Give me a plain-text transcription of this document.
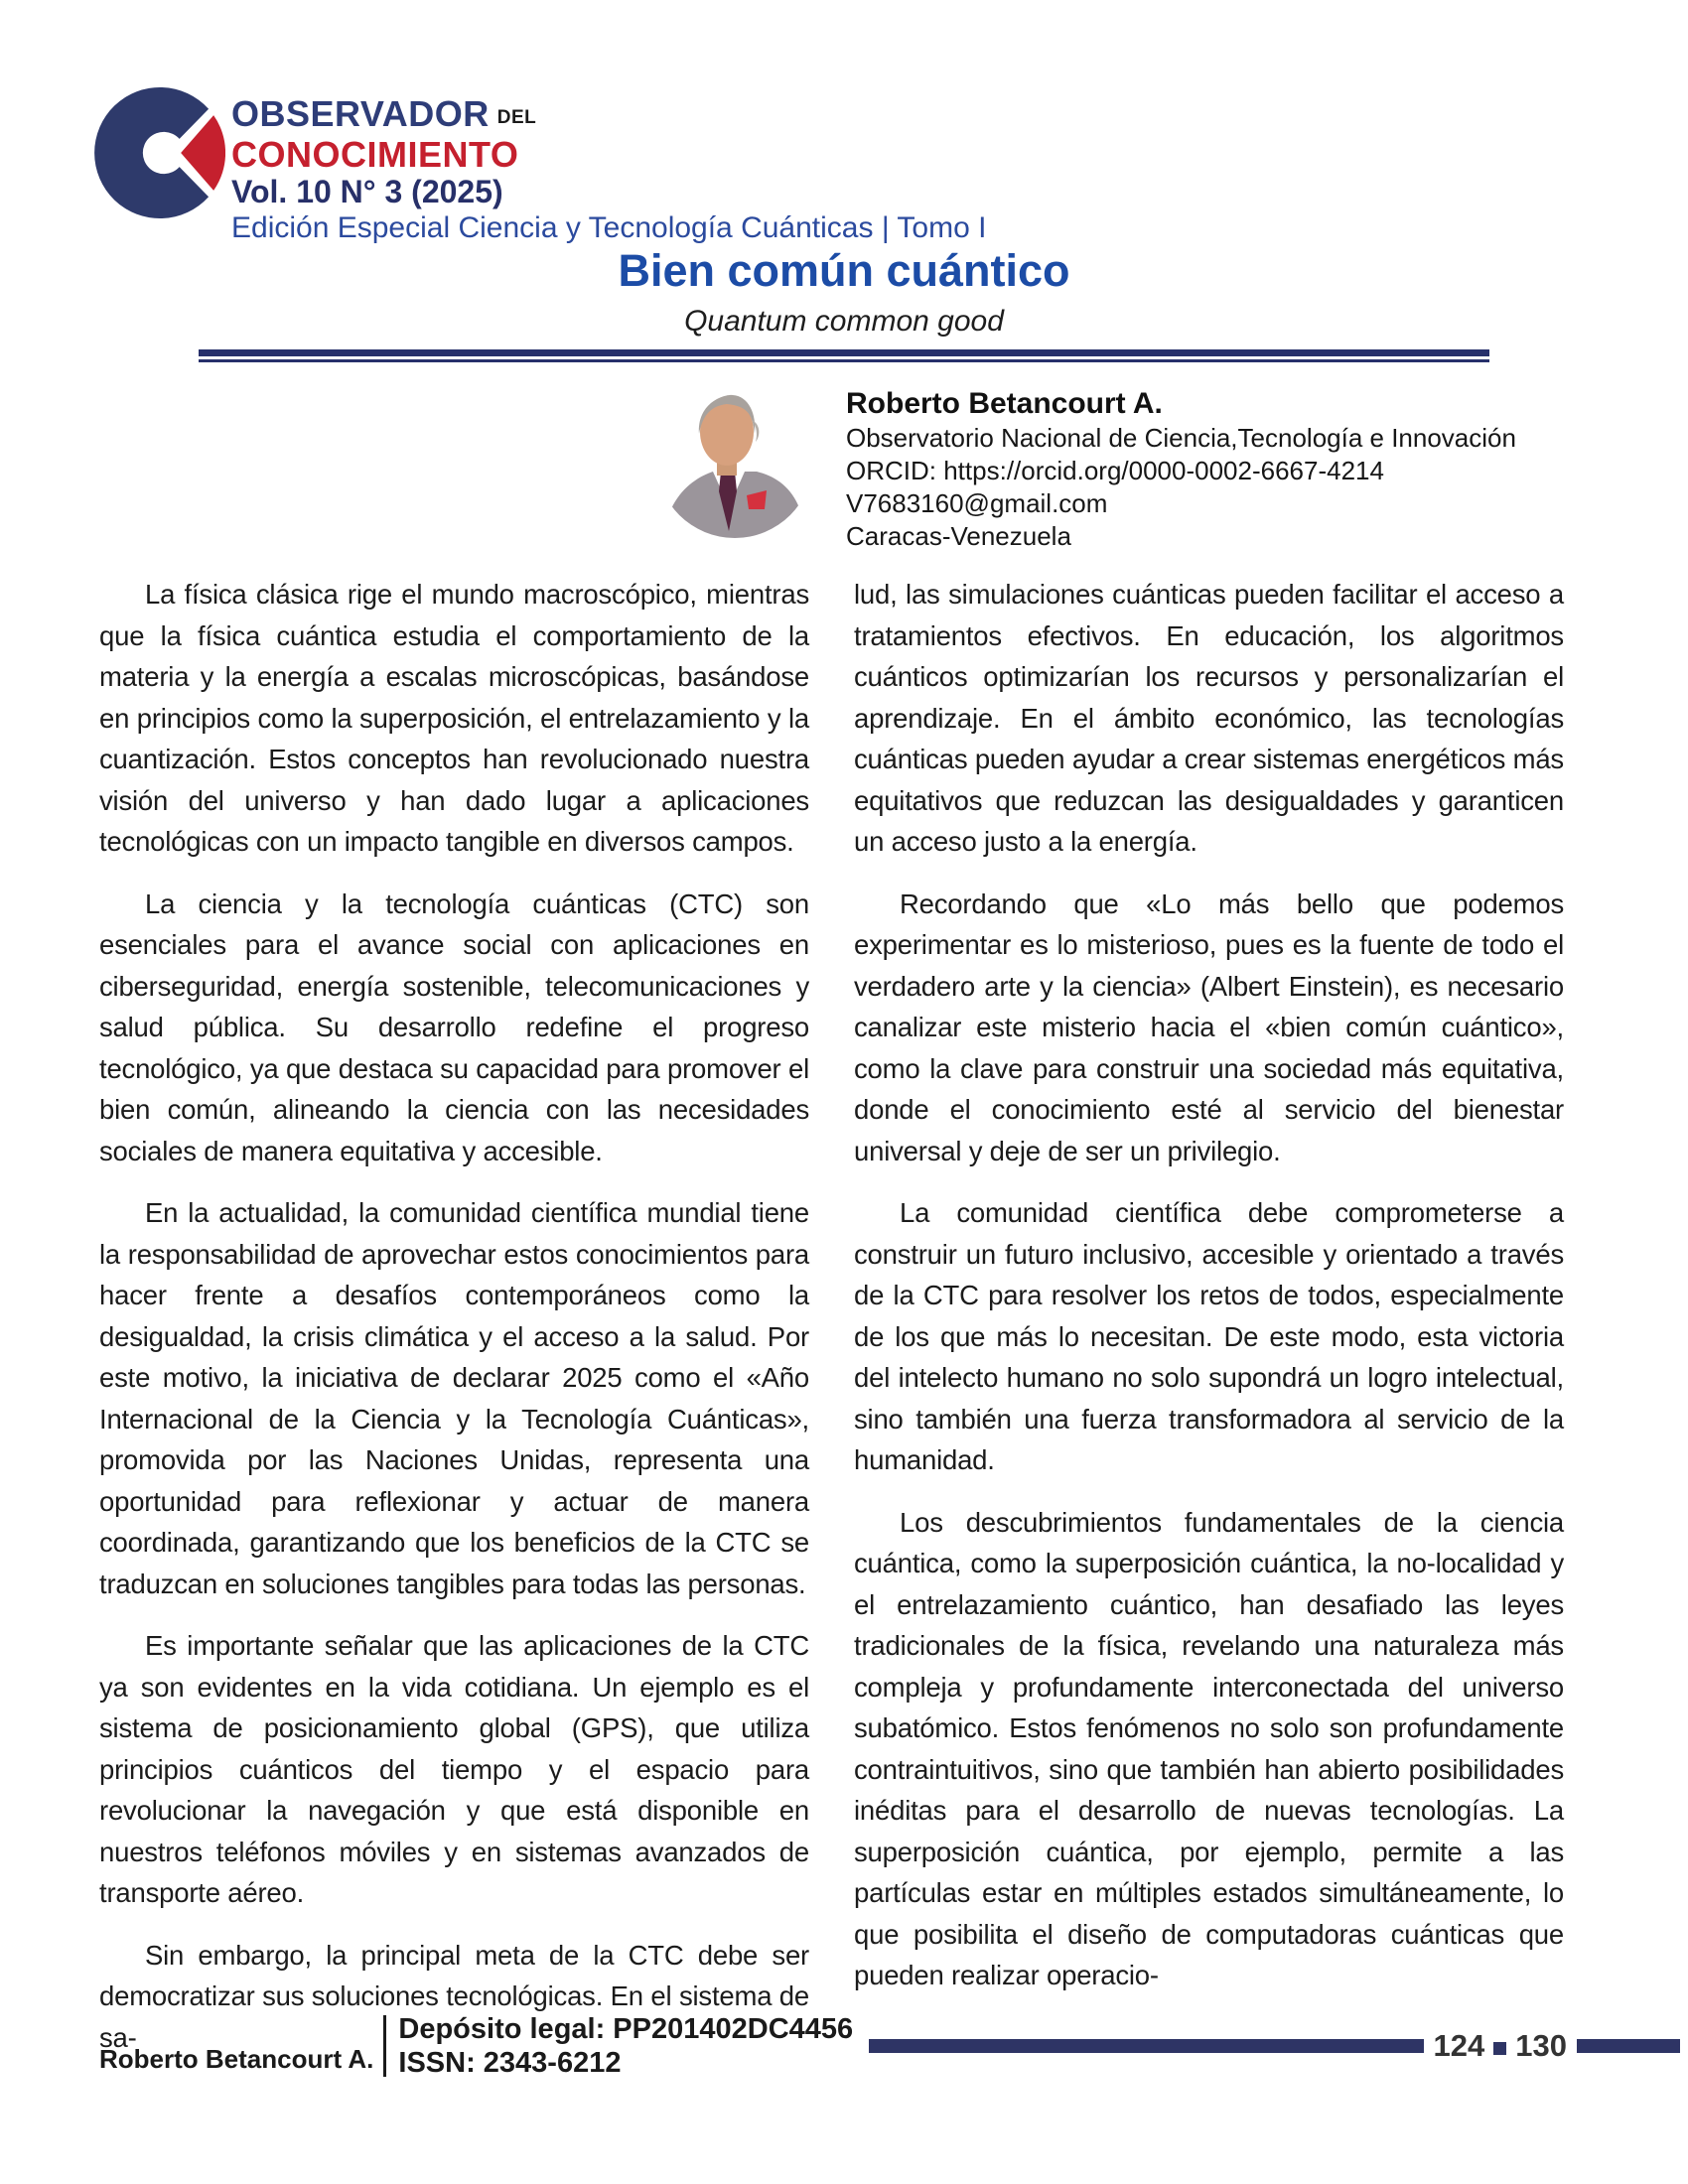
OBSERVADOR DEL
CONOCIMIENTO
Vol. 10 N° 3 (2025)
Edición Especial Ciencia y Tecnología Cuánticas | Tomo I
Bien común cuántico
Quantum common good
Roberto Betancourt A.
Observatorio Nacional de Ciencia,Tecnología e Innovación
ORCID: https://orcid.org/0000-0002-6667-4214
V7683160@gmail.com
Caracas-Venezuela

La física clásica rige el mundo macroscópico, mientras que la física cuántica estudia el comportamiento de la materia y la energía a escalas microscópicas, basándose en principios como la superposición, el entrelazamiento y la cuantización. Estos conceptos han revolucionado nuestra visión del universo y han dado lugar a aplicaciones tecnológicas con un impacto tangible en diversos campos.

La ciencia y la tecnología cuánticas (CTC) son esenciales para el avance social con aplicaciones en ciberseguridad, energía sostenible, telecomunicaciones y salud pública. Su desarrollo redefine el progreso tecnológico, ya que destaca su capacidad para promover el bien común, alineando la ciencia con las necesidades sociales de manera equitativa y accesible.

En la actualidad, la comunidad científica mundial tiene la responsabilidad de aprovechar estos conocimientos para hacer frente a desafíos contemporáneos como la desigualdad, la crisis climática y el acceso a la salud. Por este motivo, la iniciativa de declarar 2025 como el «Año Internacional de la Ciencia y la Tecnología Cuánticas», promovida por las Naciones Unidas, representa una oportunidad para reflexionar y actuar de manera coordinada, garantizando que los beneficios de la CTC se traduzcan en soluciones tangibles para todas las personas.

Es importante señalar que las aplicaciones de la CTC ya son evidentes en la vida cotidiana. Un ejemplo es el sistema de posicionamiento global (GPS), que utiliza principios cuánticos del tiempo y el espacio para revolucionar la navegación y que está disponible en nuestros teléfonos móviles y en sistemas avanzados de transporte aéreo.

Sin embargo, la principal meta de la CTC debe ser democratizar sus soluciones tecnológicas. En el sistema de sa-

lud, las simulaciones cuánticas pueden facilitar el acceso a tratamientos efectivos. En educación, los algoritmos cuánticos optimizarían los recursos y personalizarían el aprendizaje. En el ámbito económico, las tecnologías cuánticas pueden ayudar a crear sistemas energéticos más equitativos que reduzcan las desigualdades y garanticen un acceso justo a la energía.

Recordando que «Lo más bello que podemos experimentar es lo misterioso, pues es la fuente de todo el verdadero arte y la ciencia» (Albert Einstein), es necesario canalizar este misterio hacia el «bien común cuántico», como la clave para construir una sociedad más equitativa, donde el conocimiento esté al servicio del bienestar universal y deje de ser un privilegio.

La comunidad científica debe comprometerse a construir un futuro inclusivo, accesible y orientado a través de la CTC para resolver los retos de todos, especialmente de los que más lo necesitan. De este modo, esta victoria del intelecto humano no solo supondrá un logro intelectual, sino también una fuerza transformadora al servicio de la humanidad.

Los descubrimientos fundamentales de la ciencia cuántica, como la superposición cuántica, la no-localidad y el entrelazamiento cuántico, han desafiado las leyes tradicionales de la física, revelando una naturaleza más compleja y profundamente interconectada del universo subatómico. Estos fenómenos no solo son profundamente contraintuitivos, sino que también han abierto posibilidades inéditas para el desarrollo de nuevas tecnologías. La superposición cuántica, por ejemplo, permite a las partículas estar en múltiples estados simultáneamente, lo que posibilita el diseño de computadoras cuánticas que pueden realizar operacio-

Roberto Betancourt A.
Depósito legal: PP201402DC4456
ISSN: 2343-6212	124 130
